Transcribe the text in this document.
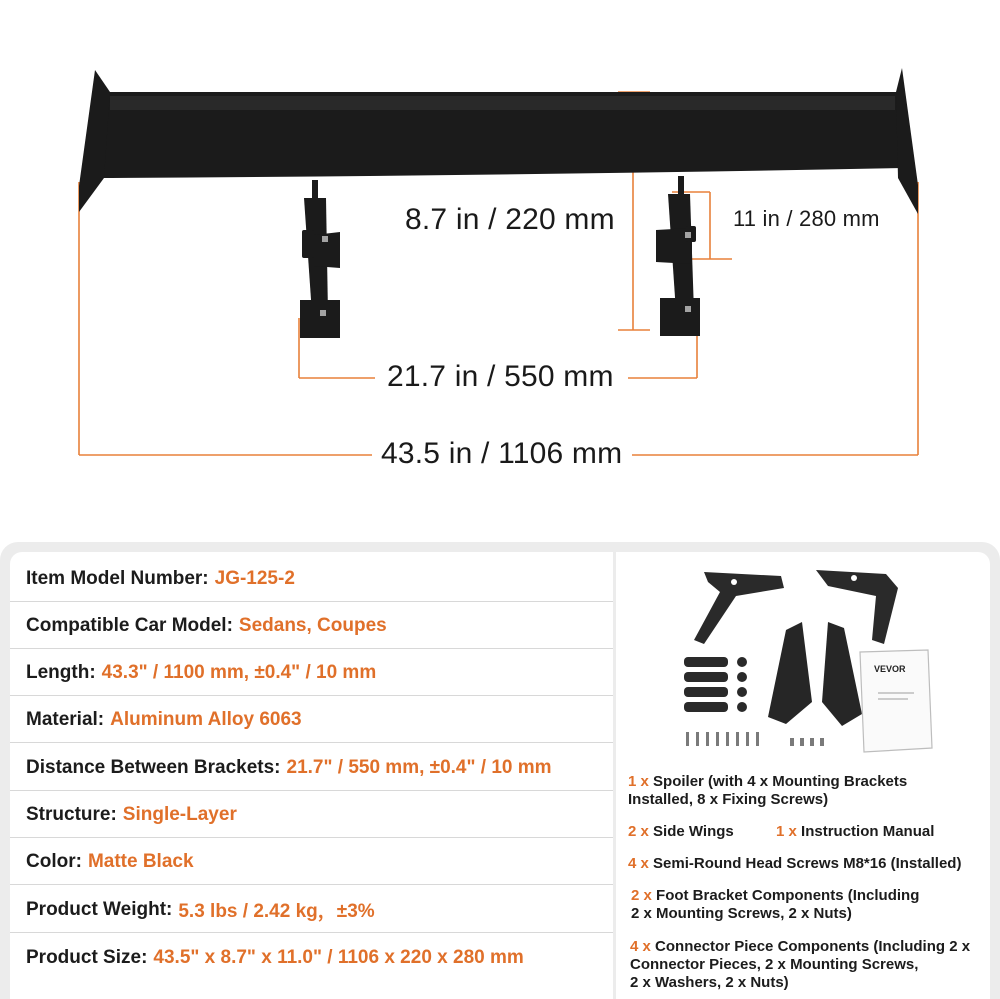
8.7 in / 220 mm	11 in / 280 mm
21.7 in / 550 mm
43.5 in / 1106 mm
Item Model Number: JG-125-2
Compatible Car Model: Sedans, Coupes
Length: 43.3" / 1100 mm, ±0.4" / 10 mm
Material: Aluminum Alloy 6063
Distance Between Brackets: 21.7" / 550 mm, ±0.4" / 10 mm
Structure: Single-Layer
Color: Matte Black
Product Weight: 5.3 lbs / 2.42 kg，±3%
Product Size: 43.5" x 8.7" x 11.0" / 1106 x 220 x 280 mm
VEVOR
1 x Spoiler (with 4 x Mounting Brackets
Installed, 8 x Fixing Screws)
2 x Side Wings	1 x Instruction Manual
4 x Semi-Round Head Screws M8*16 (Installed)
2 x Foot Bracket Components (Including
2 x Mounting Screws, 2 x Nuts)
4 x Connector Piece Components (Including 2 x
Connector Pieces, 2 x Mounting Screws,
2 x Washers, 2 x Nuts)
